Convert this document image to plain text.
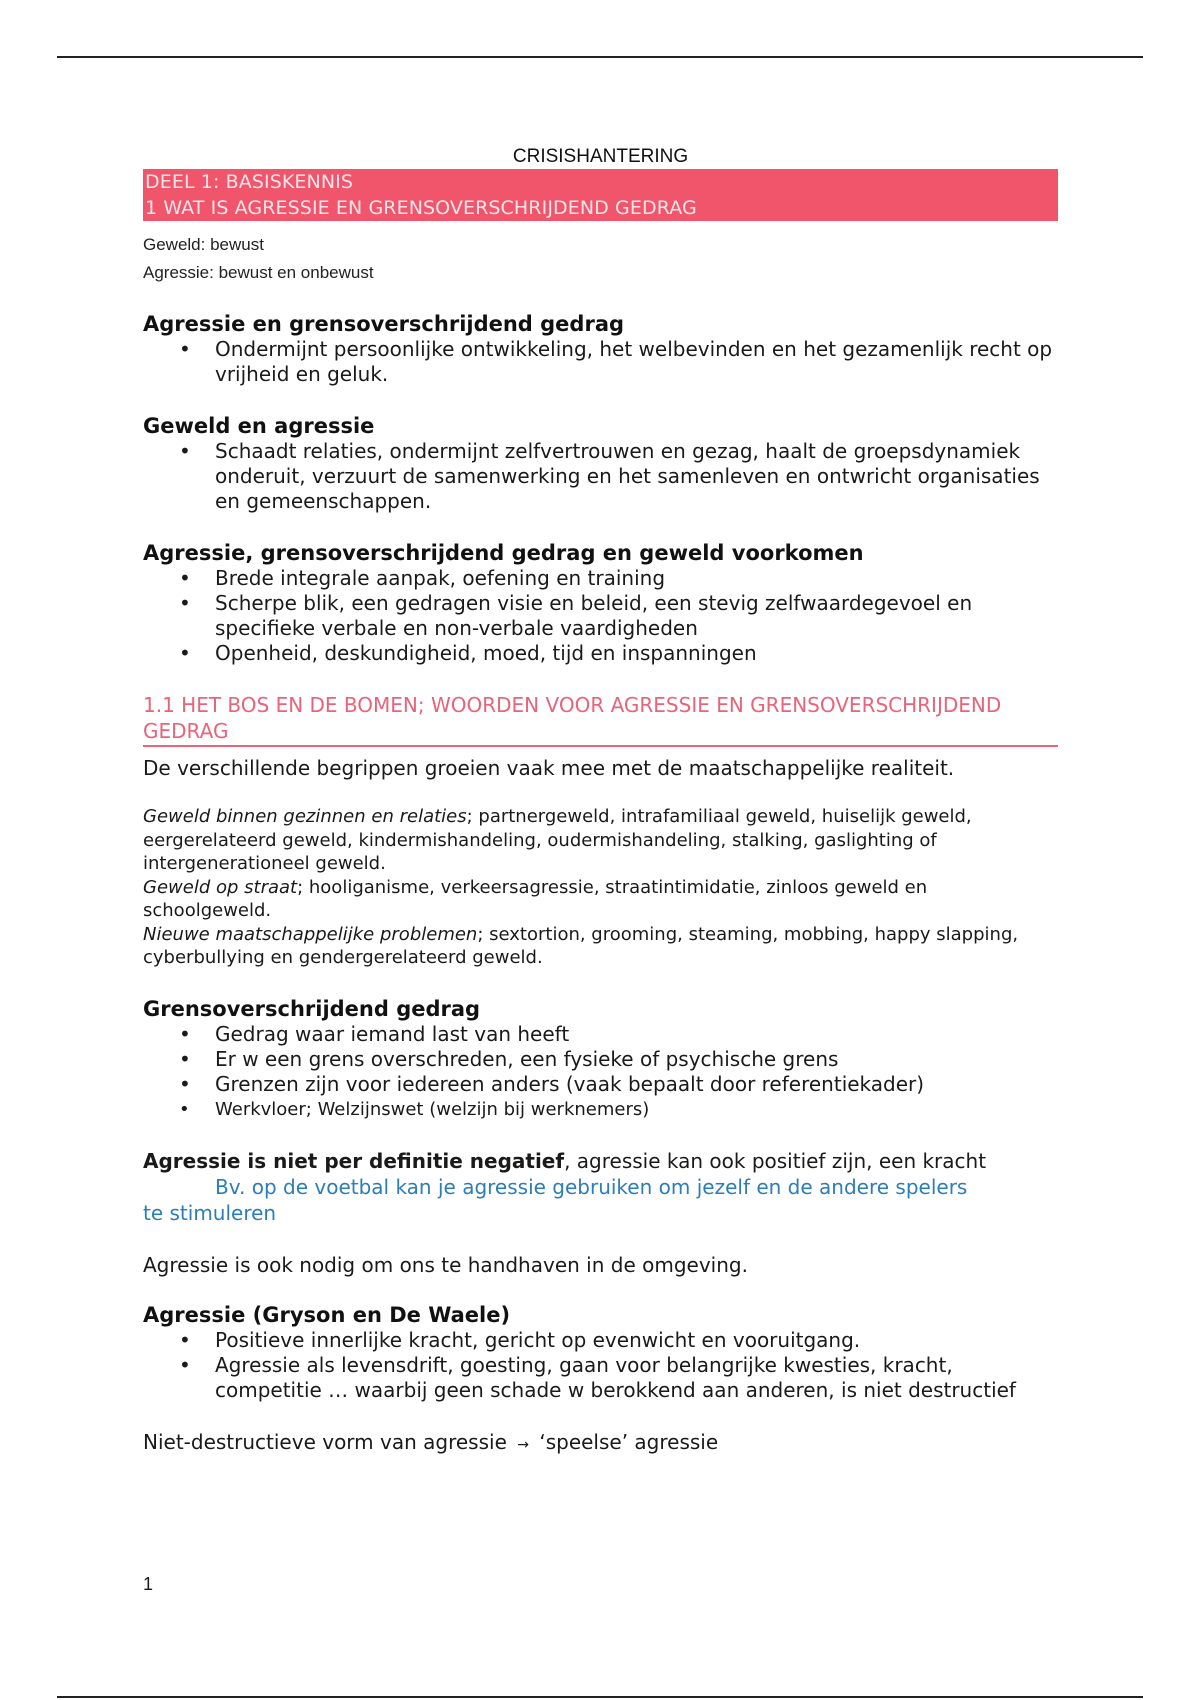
CRISISHANTERING
DEEL 1: BASISKENNIS
1 WAT IS AGRESSIE EN GRENSOVERSCHRIJDEND GEDRAG
Geweld: bewust
Agressie: bewust en onbewust
Agressie en grensoverschrijdend gedrag
• Ondermijnt persoonlijke ontwikkeling, het welbevinden en het gezamenlijk recht op vrijheid en geluk.
Geweld en agressie
• Schaadt relaties, ondermijnt zelfvertrouwen en gezag, haalt de groepsdynamiek onderuit, verzuurt de samenwerking en het samenleven en ontwricht organisaties en gemeenschappen.
Agressie, grensoverschrijdend gedrag en geweld voorkomen
• Brede integrale aanpak, oefening en training
• Scherpe blik, een gedragen visie en beleid, een stevig zelfwaardegevoel en specifieke verbale en non-verbale vaardigheden
• Openheid, deskundigheid, moed, tijd en inspanningen
1.1 HET BOS EN DE BOMEN; WOORDEN VOOR AGRESSIE EN GRENSOVERSCHRIJDEND GEDRAG
De verschillende begrippen groeien vaak mee met de maatschappelijke realiteit.
Geweld binnen gezinnen en relaties; partnergeweld, intrafamiliaal geweld, huiselijk geweld, eergerelateerd geweld, kindermishandeling, oudermishandeling, stalking, gaslighting of intergenerationeel geweld.
Geweld op straat; hooliganisme, verkeersagressie, straatintimidatie, zinloos geweld en schoolgeweld.
Nieuwe maatschappelijke problemen; sextortion, grooming, steaming, mobbing, happy slapping, cyberbullying en gendergerelateerd geweld.
Grensoverschrijdend gedrag
• Gedrag waar iemand last van heeft
• Er w een grens overschreden, een fysieke of psychische grens
• Grenzen zijn voor iedereen anders (vaak bepaalt door referentiekader)
• Werkvloer; Welzijnswet (welzijn bij werknemers)
Agressie is niet per definitie negatief, agressie kan ook positief zijn, een kracht
Bv. op de voetbal kan je agressie gebruiken om jezelf en de andere spelers
te stimuleren
Agressie is ook nodig om ons te handhaven in de omgeving.
Agressie (Gryson en De Waele)
• Positieve innerlijke kracht, gericht op evenwicht en vooruitgang.
• Agressie als levensdrift, goesting, gaan voor belangrijke kwesties, kracht, competitie … waarbij geen schade w berokkend aan anderen, is niet destructief
Niet-destructieve vorm van agressie → ‘speelse’ agressie
1
